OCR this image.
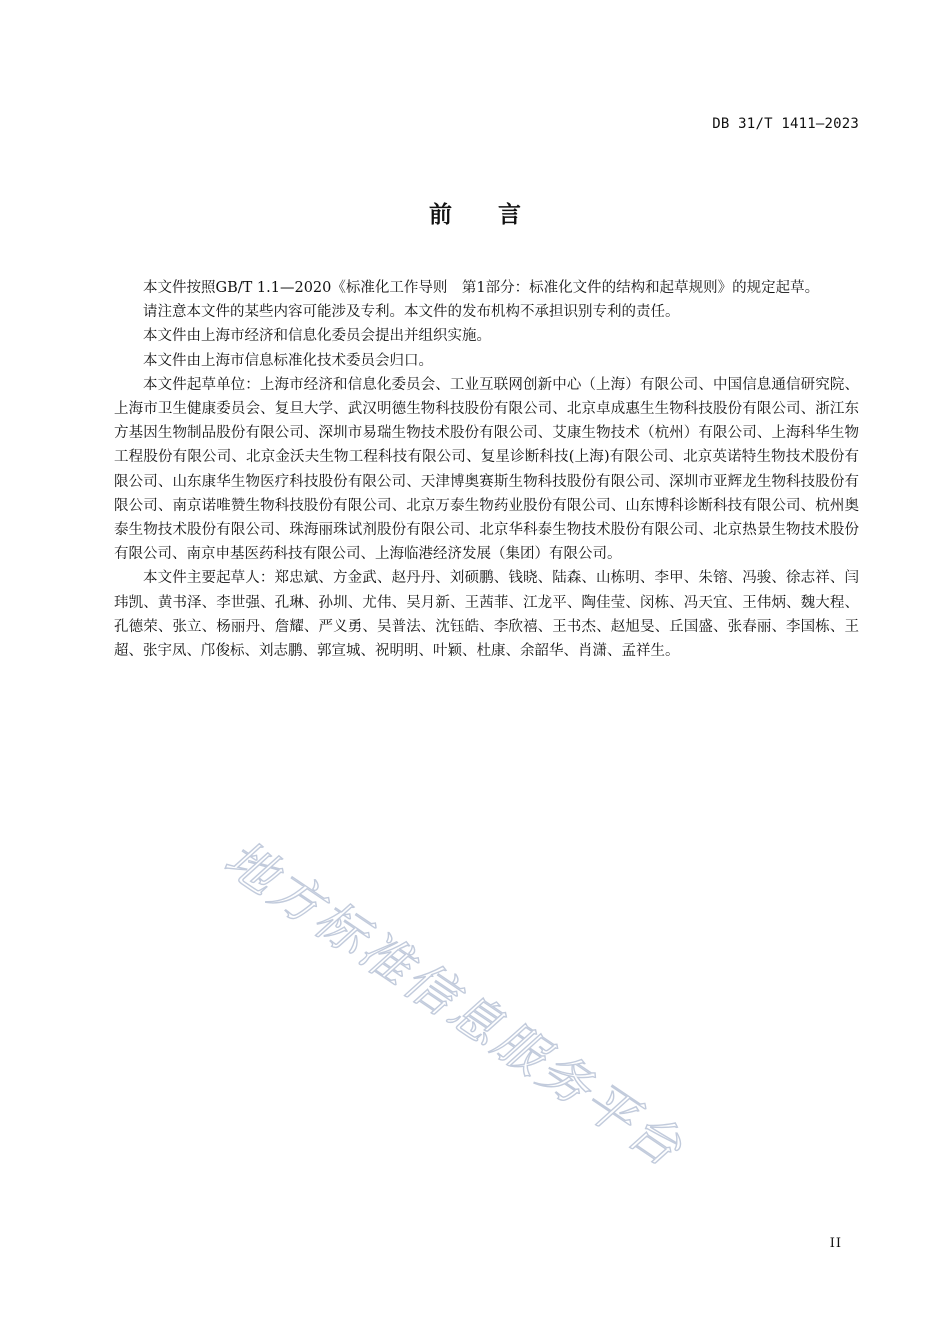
DB 31/T 1411—2023
前言

本文件按照GB/T 1.1—2020《标准化工作导则　第1部分：标准化文件的结构和起草规则》的规定起草。

请注意本文件的某些内容可能涉及专利。本文件的发布机构不承担识别专利的责任。

本文件由上海市经济和信息化委员会提出并组织实施。

本文件由上海市信息标准化技术委员会归口。

本文件起草单位：上海市经济和信息化委员会、工业互联网创新中心（上海）有限公司、中国信息通信研究院、上海市卫生健康委员会、复旦大学、武汉明德生物科技股份有限公司、北京卓成惠生生物科技股份有限公司、浙江东方基因生物制品股份有限公司、深圳市易瑞生物技术股份有限公司、艾康生物技术（杭州）有限公司、上海科华生物工程股份有限公司、北京金沃夫生物工程科技有限公司、复星诊断科技(上海)有限公司、北京英诺特生物技术股份有限公司、山东康华生物医疗科技股份有限公司、天津博奥赛斯生物科技股份有限公司、深圳市亚辉龙生物科技股份有限公司、南京诺唯赞生物科技股份有限公司、北京万泰生物药业股份有限公司、山东博科诊断科技有限公司、杭州奥泰生物技术股份有限公司、珠海丽珠试剂股份有限公司、北京华科泰生物技术股份有限公司、北京热景生物技术股份有限公司、南京申基医药科技有限公司、上海临港经济发展（集团）有限公司。

本文件主要起草人：郑忠斌、方金武、赵丹丹、刘硕鹏、钱晓、陆森、山栋明、李甲、朱镕、冯骏、徐志祥、闫玮凯、黄书泽、李世强、孔琳、孙圳、尤伟、吴月新、王茜菲、江龙平、陶佳莹、闵栋、冯天宜、王伟炳、魏大程、孔德荣、张立、杨丽丹、詹耀、严义勇、吴普法、沈钰皓、李欣禧、王书杰、赵旭旻、丘国盛、张春丽、李国栋、王超、张宇凤、邝俊标、刘志鹏、郭宣城、祝明明、叶颖、杜康、余韶华、肖潇、孟祥生。

地方标准信息服务平台
II
